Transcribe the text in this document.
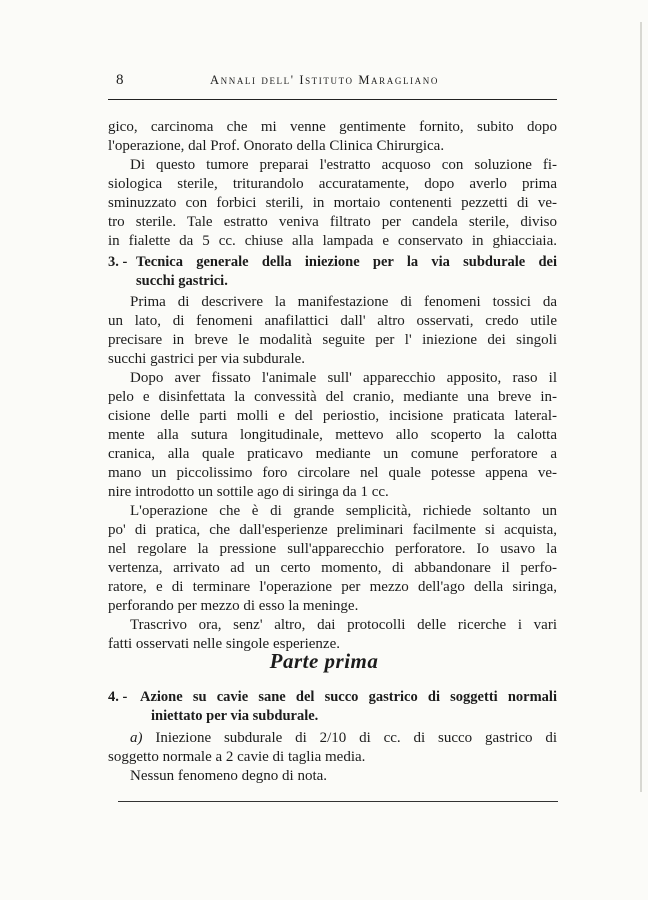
8	Annali dell' Istituto Maragliano
gico, carcinoma che mi venne gentimente fornito, subito dopo
l'operazione, dal Prof. Onorato della Clinica Chirurgica.
Di questo tumore preparai l'estratto acquoso con soluzione fi-
siologica sterile, triturandolo accuratamente, dopo averlo prima
sminuzzato con forbici sterili, in mortaio contenenti pezzetti di ve-
tro sterile. Tale estratto veniva filtrato per candela sterile, diviso
in fialette da 5 cc. chiuse alla lampada e conservato in ghiacciaia.
3. - Tecnica generale della iniezione per la via subdurale dei
succhi gastrici.
Prima di descrivere la manifestazione di fenomeni tossici da
un lato, di fenomeni anafilattici dall' altro osservati, credo utile
precisare in breve le modalità seguite per l' iniezione dei singoli
succhi gastrici per via subdurale.
Dopo aver fissato l'animale sull' apparecchio apposito, raso il
pelo e disinfettata la convessità del cranio, mediante una breve in-
cisione delle parti molli e del periostio, incisione praticata lateral-
mente alla sutura longitudinale, mettevo allo scoperto la calotta
cranica, alla quale praticavo mediante un comune perforatore a
mano un piccolissimo foro circolare nel quale potesse appena ve-
nire introdotto un sottile ago di siringa da 1 cc.
L'operazione che è di grande semplicità, richiede soltanto un
po' di pratica, che dall'esperienze preliminari facilmente si acquista,
nel regolare la pressione sull'apparecchio perforatore. Io usavo la
vertenza, arrivato ad un certo momento, di abbandonare il perfo-
ratore, e di terminare l'operazione per mezzo dell'ago della siringa,
perforando per mezzo di esso la meninge.
Trascrivo ora, senz' altro, dai protocolli delle ricerche i vari
fatti osservati nelle singole esperienze.
Parte prima
4. - Azione su cavie sane del succo gastrico di soggetti normali
iniettato per via subdurale.
a) Iniezione subdurale di 2/10 di cc. di succo gastrico di
soggetto normale a 2 cavie di taglia media.
Nessun fenomeno degno di nota.
